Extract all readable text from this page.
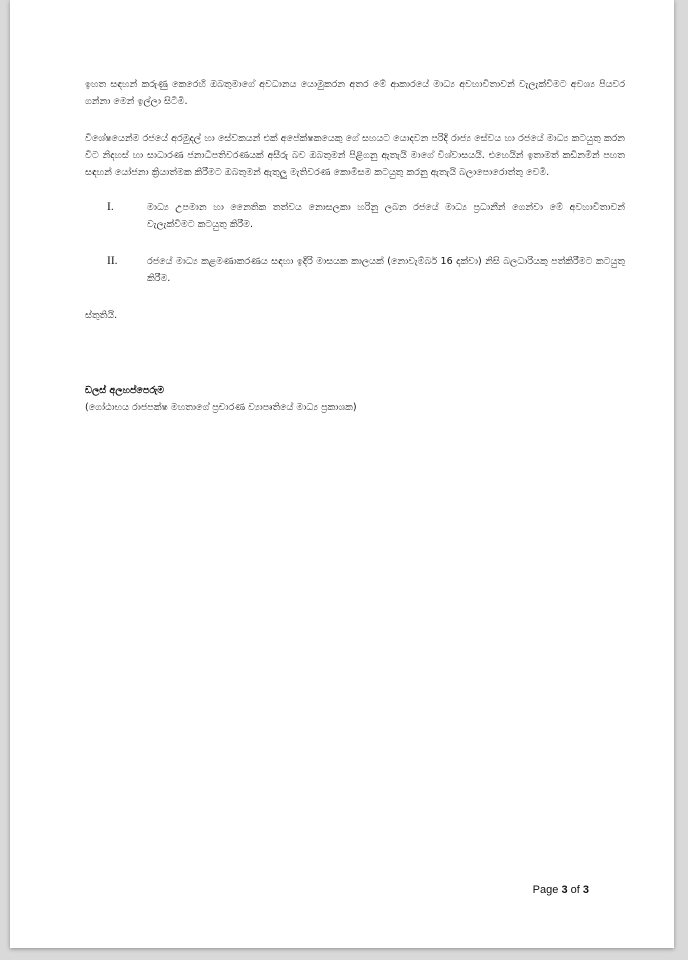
ඉහත සඳහන් කරුණු කෙරෙහි ඔබතුමාගේ අවධානය යොමුකරන අතර මේ ආකාරයේ මාධ්‍ය අවහාවිතාවන් වැලැක්වීමට අවශ්‍ය පියවර ගන්නා මෙන් ඉල්ලා සිටිමි.

විශේෂයෙන්ම රජයේ අරමුදල් හා සේවකයන් එක් අපේක්ෂකයෙකු ගේ සහයට යොදවන පරිදි රාජ්‍ය සේවය හා රජයේ මාධ්‍ය කටයුතු කරන විට නිදහස් හා සාධාරණ ජනාධිපතිවරණයක් අසීරු බව ඔබතුමන් පිළිගනු ඇතැයි මාගේ විශ්වාසයයි. එහෙයින් ඉතාමත් කඩිනමින් පහත සඳහන් යෝජනා ක්‍රියාත්මක කිරීමට ඔබතුමන් ඇතුලු මැතිවරණ කොමිසම කටයුතු කරනු ඇතැයි බලාපොරොත්තු වෙමි.

I.	මාධ්‍ය උපමාන හා නෛතික තත්වය නොසලකා හරිනු ලබන රජයේ මාධ්‍ය ප්‍රධානීන් ගෙන්වා මේ අවහාවිතාවන් වැලැක්වීමට කටයුතු කිරීම.
II.	රජයේ මාධ්‍ය කළමණාකරණය සඳහා ඉදිරි මාසයක කාලයක් (නොවැම්බර් 16 දක්වා) නිසි බලධාරියකු පත්කිරීමට කටයුතු කිරීම.

ස්තුතියි.

ඩලස් අලහප්පෙරුම
(ගෝඨාභය රාජපක්ෂ මහතාගේ ප්‍රචාරණ ව්‍යාපෘතියේ මාධ්‍ය ප්‍රකාශක)
Page 3 of 3
